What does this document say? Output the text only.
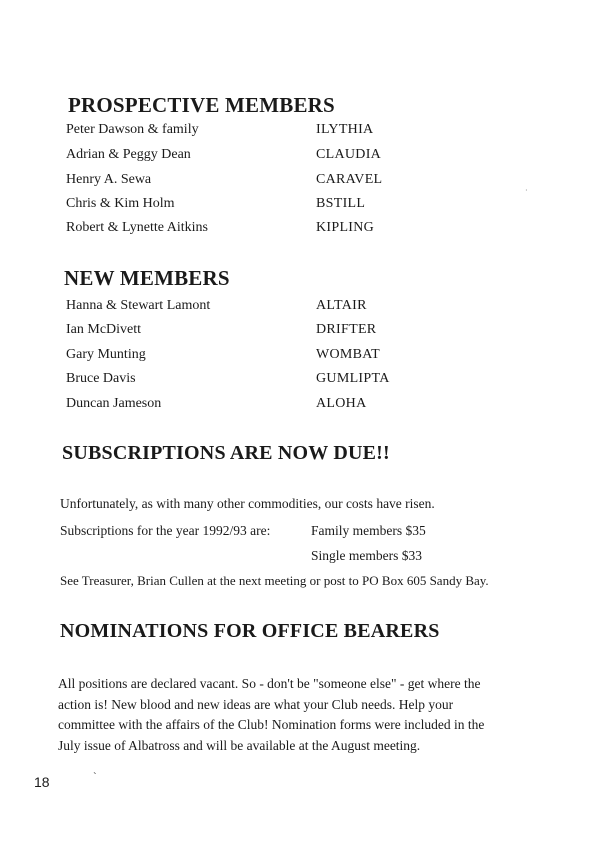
PROSPECTIVE MEMBERS
Peter Dawson & family	ILYTHIA
Adrian & Peggy Dean	CLAUDIA
Henry A. Sewa	CARAVEL
Chris & Kim Holm	BSTILL
Robert & Lynette Aitkins	KIPLING
NEW MEMBERS
Hanna & Stewart Lamont	ALTAIR
Ian McDivett	DRIFTER
Gary Munting	WOMBAT
Bruce Davis	GUMLIPTA
Duncan Jameson	ALOHA
SUBSCRIPTIONS ARE NOW DUE!!
Unfortunately, as with many other commodities, our costs have risen.
Subscriptions for the year 1992/93 are:	Family members $35
Single members $33
See Treasurer, Brian Cullen at the next meeting or post to PO Box 605 Sandy Bay.
NOMINATIONS FOR OFFICE BEARERS
All positions are declared vacant. So - don't be "someone else" - get where the
action is! New blood and new ideas are what your Club needs. Help your
committee with the affairs of the Club! Nomination forms were included in the
July issue of Albatross and will be available at the August meeting.
18	`
·
